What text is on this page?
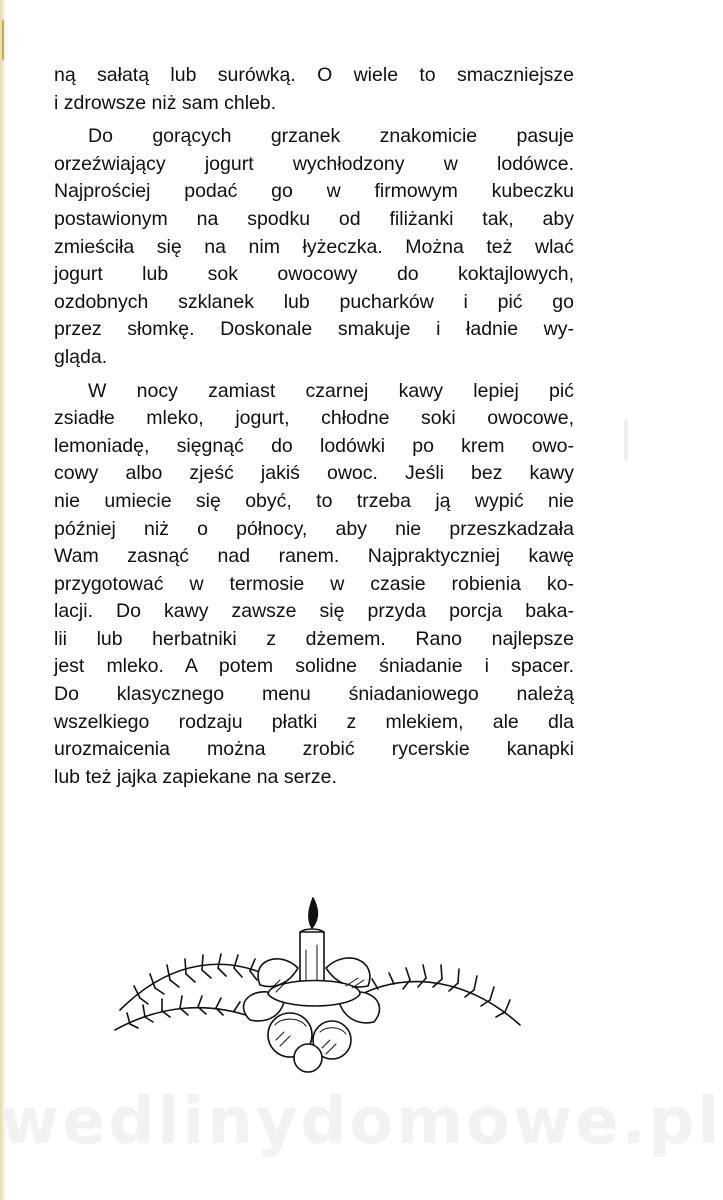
ną sałatą lub surówką. O wiele to smaczniejsze
i zdrowsze niż sam chleb.

Do gorących grzanek znakomicie pasuje
orzeźwiający jogurt wychłodzony w lodówce.
Najprościej podać go w firmowym kubeczku
postawionym na spodku od filiżanki tak, aby
zmieściła się na nim łyżeczka. Można też wlać
jogurt lub sok owocowy do koktajlowych,
ozdobnych szklanek lub pucharków i pić go
przez słomkę. Doskonale smakuje i ładnie wy-
gląda.

W nocy zamiast czarnej kawy lepiej pić
zsiadłe mleko, jogurt, chłodne soki owocowe,
lemoniadę, sięgnąć do lodówki po krem owo-
cowy albo zjeść jakiś owoc. Jeśli bez kawy
nie umiecie się obyć, to trzeba ją wypić nie
później niż o północy, aby nie przeszkadzała
Wam zasnąć nad ranem. Najpraktyczniej kawę
przygotować w termosie w czasie robienia ko-
lacji. Do kawy zawsze się przyda porcja baka-
lii lub herbatniki z dżemem. Rano najlepsze
jest mleko. A potem solidne śniadanie i spacer.
Do klasycznego menu śniadaniowego należą
wszelkiego rodzaju płatki z mlekiem, ale dla
urozmaicenia można zrobić rycerskie kanapki
lub też jajka zapiekane na serze.

wedlinydomowe.pl
